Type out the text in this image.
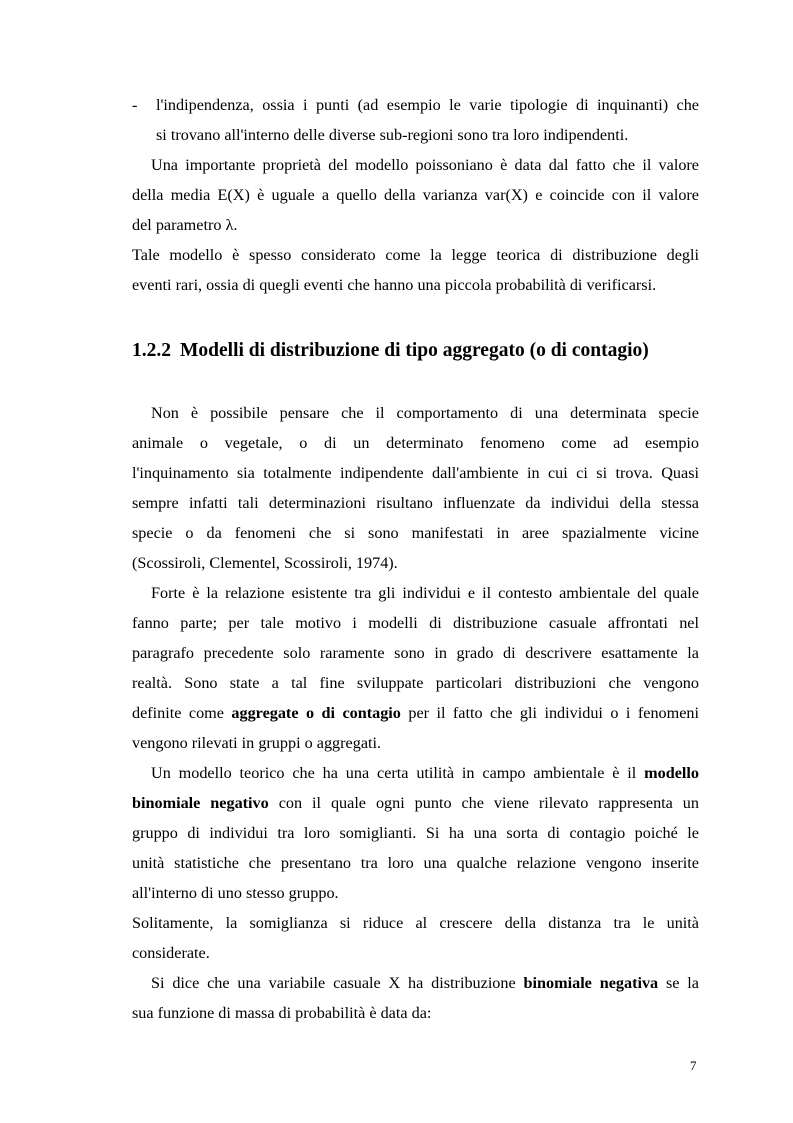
- l'indipendenza, ossia i punti (ad esempio le varie tipologie di inquinanti) che
si trovano all'interno delle diverse sub-regioni sono tra loro indipendenti.
Una importante proprietà del modello poissoniano è data dal fatto che il valore
della media E(X) è uguale a quello della varianza var(X) e coincide con il valore
del parametro λ.
Tale modello è spesso considerato come la legge teorica di distribuzione degli
eventi rari, ossia di quegli eventi che hanno una piccola probabilità di verificarsi.
1.2.2 Modelli di distribuzione di tipo aggregato (o di contagio)
Non è possibile pensare che il comportamento di una determinata specie
animale o vegetale, o di un determinato fenomeno come ad esempio
l'inquinamento sia totalmente indipendente dall'ambiente in cui ci si trova. Quasi
sempre infatti tali determinazioni risultano influenzate da individui della stessa
specie o da fenomeni che si sono manifestati in aree spazialmente vicine
(Scossiroli, Clementel, Scossiroli, 1974).
Forte è la relazione esistente tra gli individui e il contesto ambientale del quale
fanno parte; per tale motivo i modelli di distribuzione casuale affrontati nel
paragrafo precedente solo raramente sono in grado di descrivere esattamente la
realtà. Sono state a tal fine sviluppate particolari distribuzioni che vengono
definite come aggregate o di contagio per il fatto che gli individui o i fenomeni
vengono rilevati in gruppi o aggregati.
Un modello teorico che ha una certa utilità in campo ambientale è il modello
binomiale negativo con il quale ogni punto che viene rilevato rappresenta un
gruppo di individui tra loro somiglianti. Si ha una sorta di contagio poiché le
unità statistiche che presentano tra loro una qualche relazione vengono inserite
all'interno di uno stesso gruppo.
Solitamente, la somiglianza si riduce al crescere della distanza tra le unità
considerate.
Si dice che una variabile casuale X ha distribuzione binomiale negativa se la
sua funzione di massa di probabilità è data da:
7
